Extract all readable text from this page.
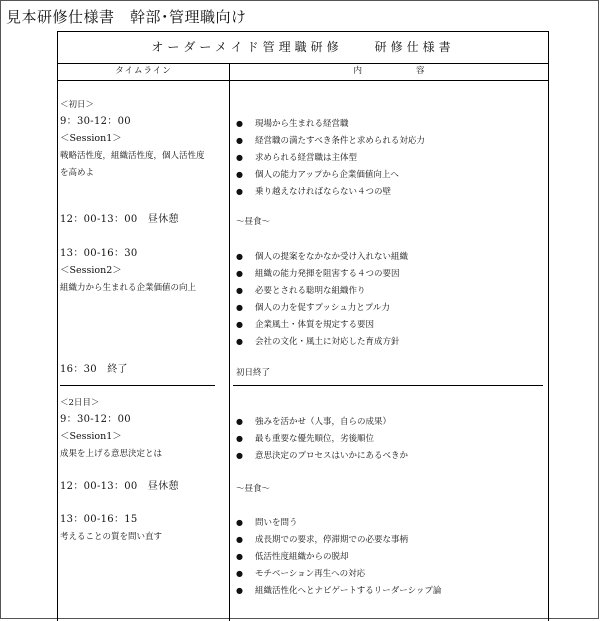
見本研修仕様書　幹部･管理職向け
オーダーメイド管理職研修　　研修仕様書
タイムライン	内	容
＜初日＞
9：30-12：00
＜Session1＞
戦略活性度，組織活性度，個人活性度
を高めよ
12：00-13：00　昼休憩
13：00-16：30
＜Session2＞
組織力から生まれる企業価値の向上
16：30　終了
● 現場から生まれる経営職
● 経営職の満たすべき条件と求められる対応力
● 求められる経営職は主体型
● 個人の能力アップから企業価値向上へ
● 乗り越えなければならない４つの壁
～昼食～
● 個人の提案をなかなか受け入れない組織
● 組織の能力発揮を阻害する４つの要因
● 必要とされる聡明な組織作り
● 個人の力を促すプッシュ力とプル力
● 企業風土・体質を規定する要因
● 会社の文化・風土に対応した育成方針
初日終了
＜2日目＞
9：30-12：00
＜Session1＞
成果を上げる意思決定とは
12：00-13：00　昼休憩
13：00-16：15
考えることの質を問い直す
● 強みを活かせ（人事，自らの成果）
● 最も重要な優先順位，劣後順位
● 意思決定のプロセスはいかにあるべきか
～昼食～
● 問いを問う
● 成長期での要求，停滞期での必要な事柄
● 低活性度組織からの脱却
● モチベーション再生への対応
● 組織活性化へとナビゲートするリーダーシップ論
